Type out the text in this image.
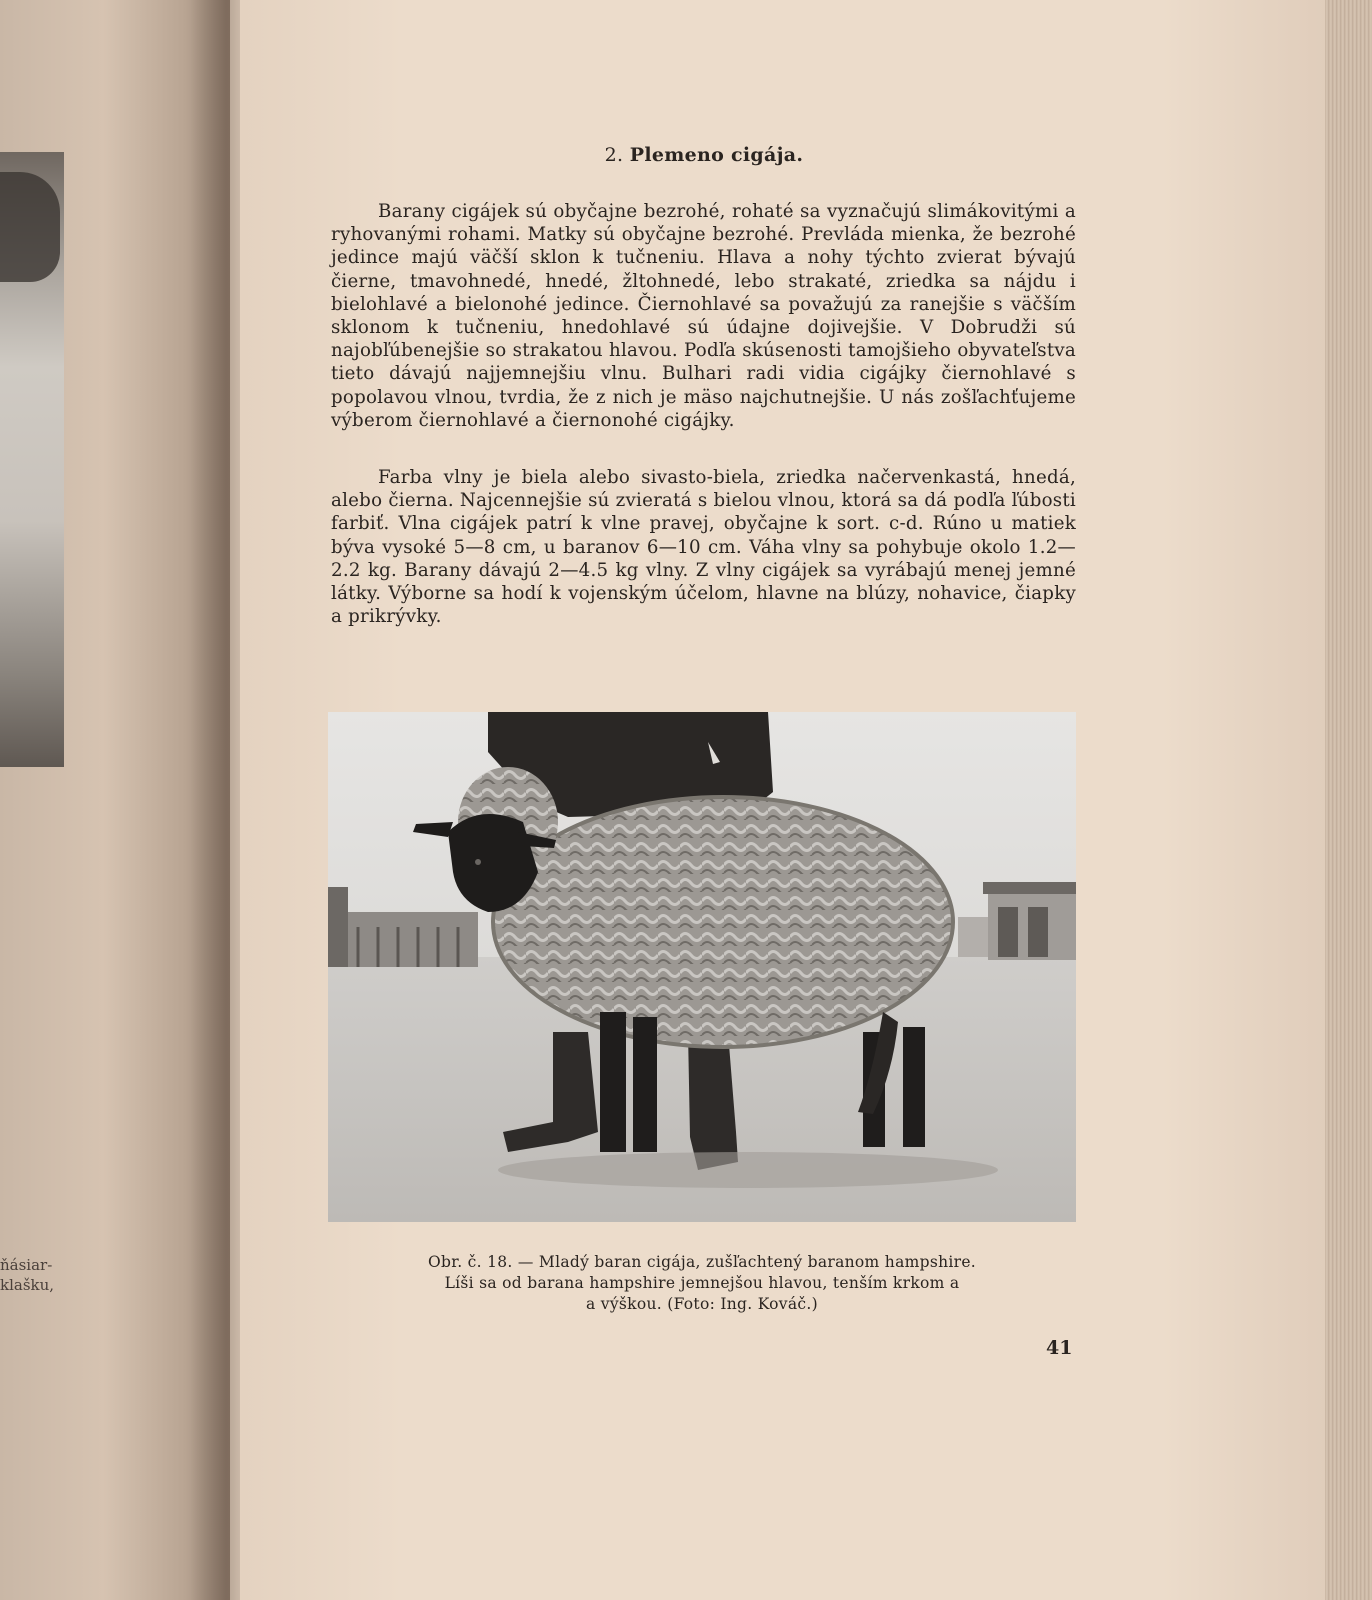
ňásiar-
klašku,
2. Plemeno cigája.

Barany cigájek sú obyčajne bezrohé, rohaté sa vyznačujú slimákovitými a ryhovanými rohami. Matky sú obyčajne bezrohé. Prevláda mienka, že bezrohé jedince majú väčší sklon k tučneniu. Hlava a nohy týchto zvierat bývajú čierne, tmavohnedé, hnedé, žltohnedé, lebo strakaté, zriedka sa nájdu i bielohlavé a bielonohé jedince. Čiernohlavé sa považujú za ranejšie s väčším sklonom k tučneniu, hnedohlavé sú údajne dojivejšie. V Dobrudži sú najobľúbenejšie so strakatou hlavou. Podľa skúsenosti tamojšieho obyvateľstva tieto dávajú najjemnejšiu vlnu. Bulhari radi vidia cigájky čiernohlavé s popolavou vlnou, tvrdia, že z nich je mäso najchutnejšie. U nás zošľachťujeme výberom čiernohlavé a čiernonohé cigájky.

Farba vlny je biela alebo sivasto-biela, zriedka načervenkastá, hnedá, alebo čierna. Najcennejšie sú zvieratá s bielou vlnou, ktorá sa dá podľa ľúbosti farbiť. Vlna cigájek patrí k vlne pravej, obyčajne k sort. c-d. Rúno u matiek býva vysoké 5—8 cm, u baranov 6—10 cm. Váha vlny sa pohybuje okolo 1.2—2.2 kg. Barany dávajú 2—4.5 kg vlny. Z vlny cigájek sa vyrábajú menej jemné látky. Výborne sa hodí k vojenským účelom, hlavne na blúzy, nohavice, čiapky a prikrývky.

Obr. č. 18. — Mladý baran cigája, zušľachtený baranom hampshire.
Líši sa od barana hampshire jemnejšou hlavou, tenším krkom a
a výškou. (Foto: Ing. Kováč.)
41
